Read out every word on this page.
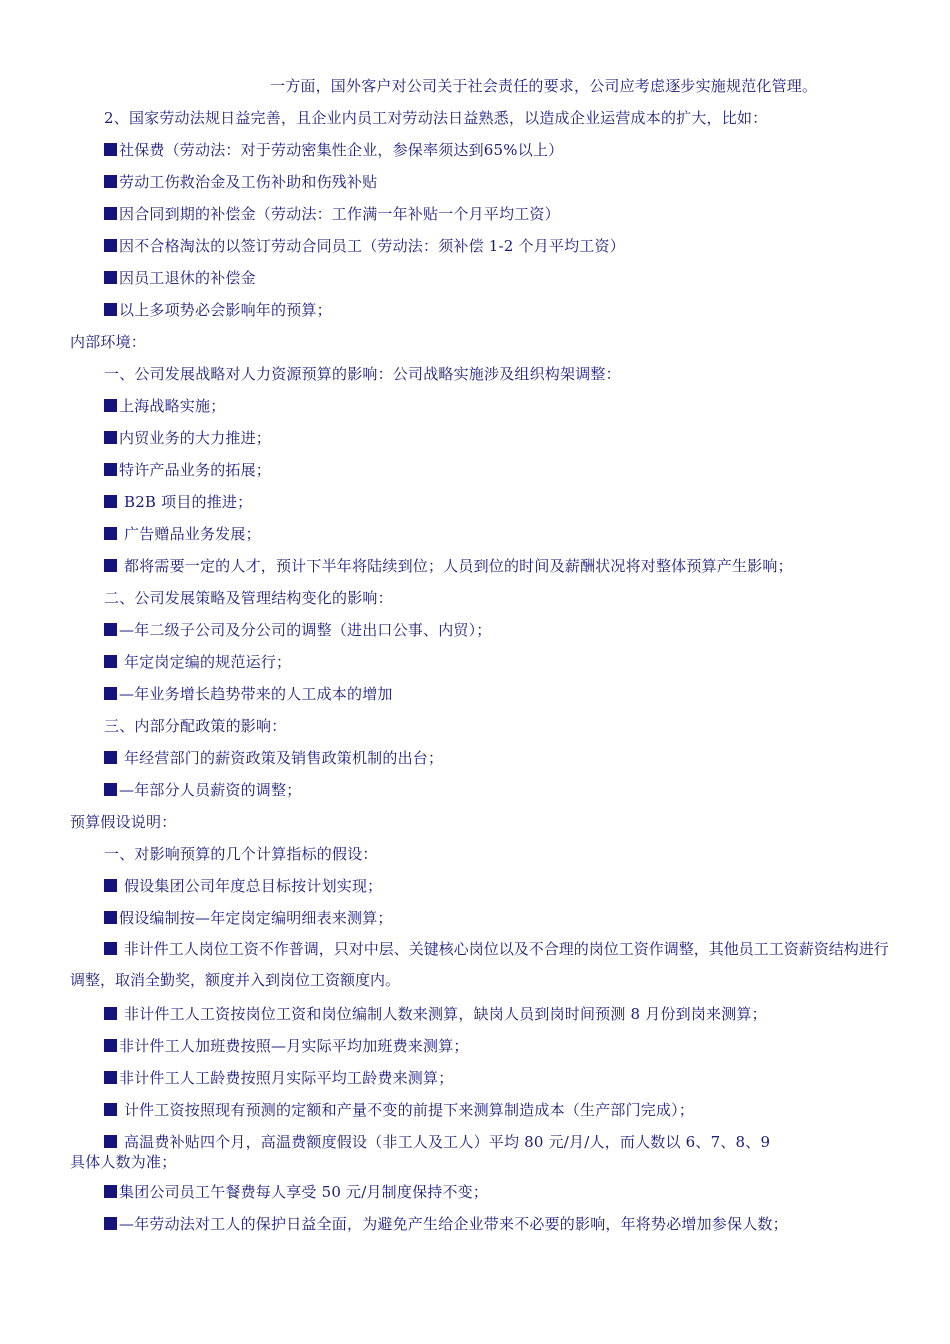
一方面，国外客户对公司关于社会责任的要求，公司应考虑逐步实施规范化管理。
2、国家劳动法规日益完善，且企业内员工对劳动法日益熟悉，以造成企业运营成本的扩大，比如：
社保费（劳动法：对于劳动密集性企业，参保率须达到65%以上）
劳动工伤救治金及工伤补助和伤残补贴
因合同到期的补偿金（劳动法：工作满一年补贴一个月平均工资）
因不合格淘汰的以签订劳动合同员工（劳动法：须补偿 1-2 个月平均工资）
因员工退休的补偿金
以上多项势必会影响年的预算；
内部环境：
一、公司发展战略对人力资源预算的影响：公司战略实施涉及组织构架调整：
上海战略实施；
内贸业务的大力推进；
特许产品业务的拓展；
B2B 项目的推进；
广告赠品业务发展；
都将需要一定的人才，预计下半年将陆续到位；人员到位的时间及薪酬状况将对整体预算产生影响；
二、公司发展策略及管理结构变化的影响：
—年二级子公司及分公司的调整（进出口公事、内贸）；
年定岗定编的规范运行；
—年业务增长趋势带来的人工成本的增加
三、内部分配政策的影响：
年经营部门的薪资政策及销售政策机制的出台；
—年部分人员薪资的调整；
预算假设说明：
一、对影响预算的几个计算指标的假设：
假设集团公司年度总目标按计划实现；
假设编制按—年定岗定编明细表来测算；
非计件工人岗位工资不作普调，只对中层、关键核心岗位以及不合理的岗位工资作调整，其他员工工资薪资结构进行调整，取消全勤奖，额度并入到岗位工资额度内。
非计件工人工资按岗位工资和岗位编制人数来测算，缺岗人员到岗时间预测 8 月份到岗来测算；
非计件工人加班费按照—月实际平均加班费来测算；
非计件工人工龄费按照月实际平均工龄费来测算；
计件工资按照现有预测的定额和产量不变的前提下来测算制造成本（生产部门完成）；
高温费补贴四个月，高温费额度假设（非工人及工人）平均 80 元/月/人，而人数以 6、7、8、9
具体人数为准；
集团公司员工午餐费每人享受 50 元/月制度保持不变；
—年劳动法对工人的保护日益全面，为避免产生给企业带来不必要的影响，年将势必增加参保人数；
